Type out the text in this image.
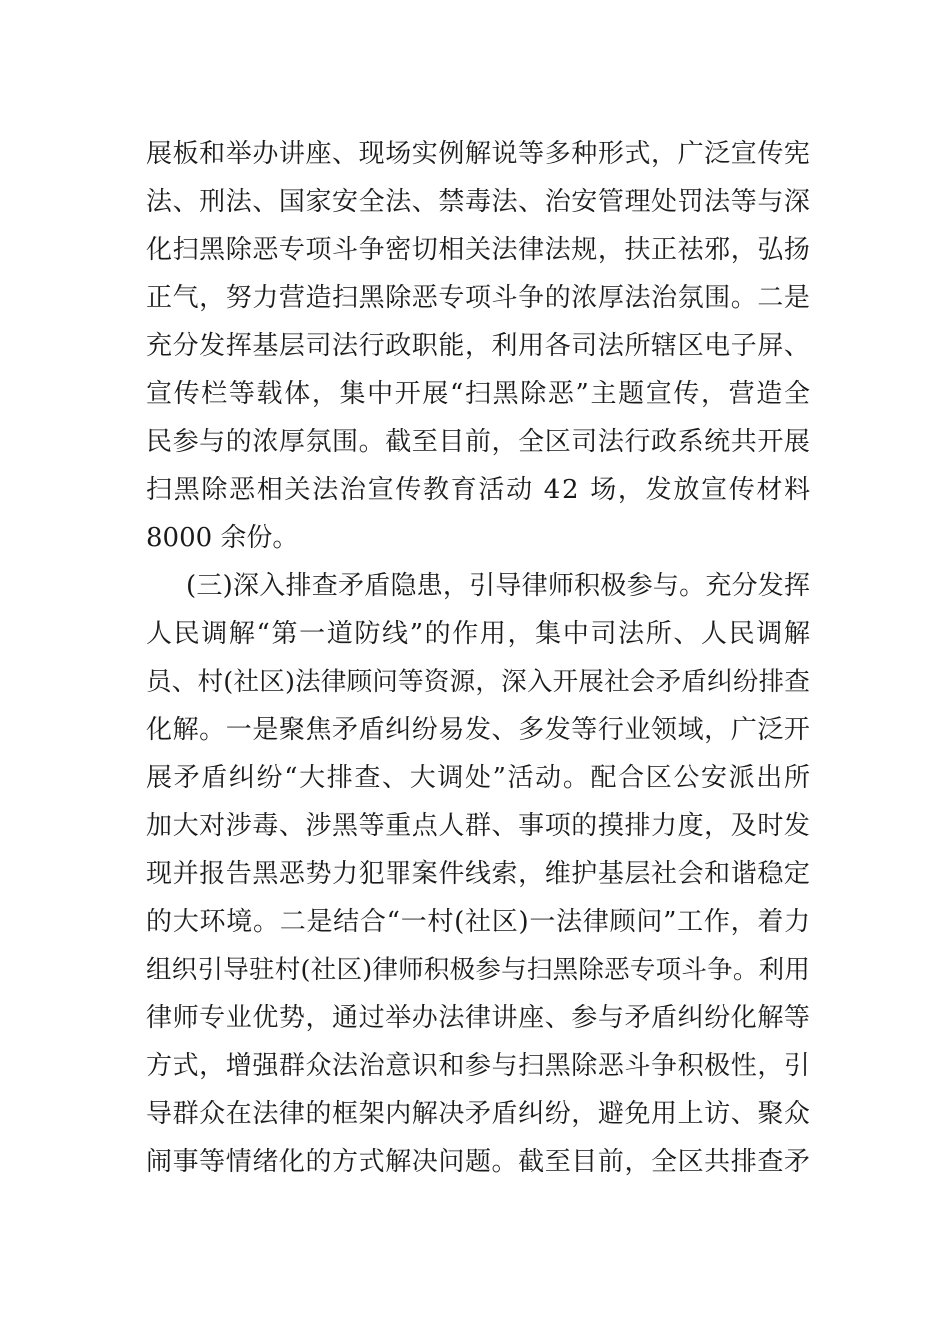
展板和举办讲座、现场实例解说等多种形式，广泛宣传宪
法、刑法、国家安全法、禁毒法、治安管理处罚法等与深
化扫黑除恶专项斗争密切相关法律法规，扶正祛邪，弘扬
正气，努力营造扫黑除恶专项斗争的浓厚法治氛围。二是
充分发挥基层司法行政职能，利用各司法所辖区电子屏、
宣传栏等载体，集中开展“扫黑除恶”主题宣传，营造全
民参与的浓厚氛围。截至目前，全区司法行政系统共开展
扫黑除恶相关法治宣传教育活动 42 场，发放宣传材料
8000 余份。
(三)深入排查矛盾隐患，引导律师积极参与。充分发挥
人民调解“第一道防线”的作用，集中司法所、人民调解
员、村(社区)法律顾问等资源，深入开展社会矛盾纠纷排查
化解。一是聚焦矛盾纠纷易发、多发等行业领域，广泛开
展矛盾纠纷“大排查、大调处”活动。配合区公安派出所
加大对涉毒、涉黑等重点人群、事项的摸排力度，及时发
现并报告黑恶势力犯罪案件线索，维护基层社会和谐稳定
的大环境。二是结合“一村(社区)一法律顾问”工作，着力
组织引导驻村(社区)律师积极参与扫黑除恶专项斗争。利用
律师专业优势，通过举办法律讲座、参与矛盾纠纷化解等
方式，增强群众法治意识和参与扫黑除恶斗争积极性，引
导群众在法律的框架内解决矛盾纠纷，避免用上访、聚众
闹事等情绪化的方式解决问题。截至目前，全区共排查矛
